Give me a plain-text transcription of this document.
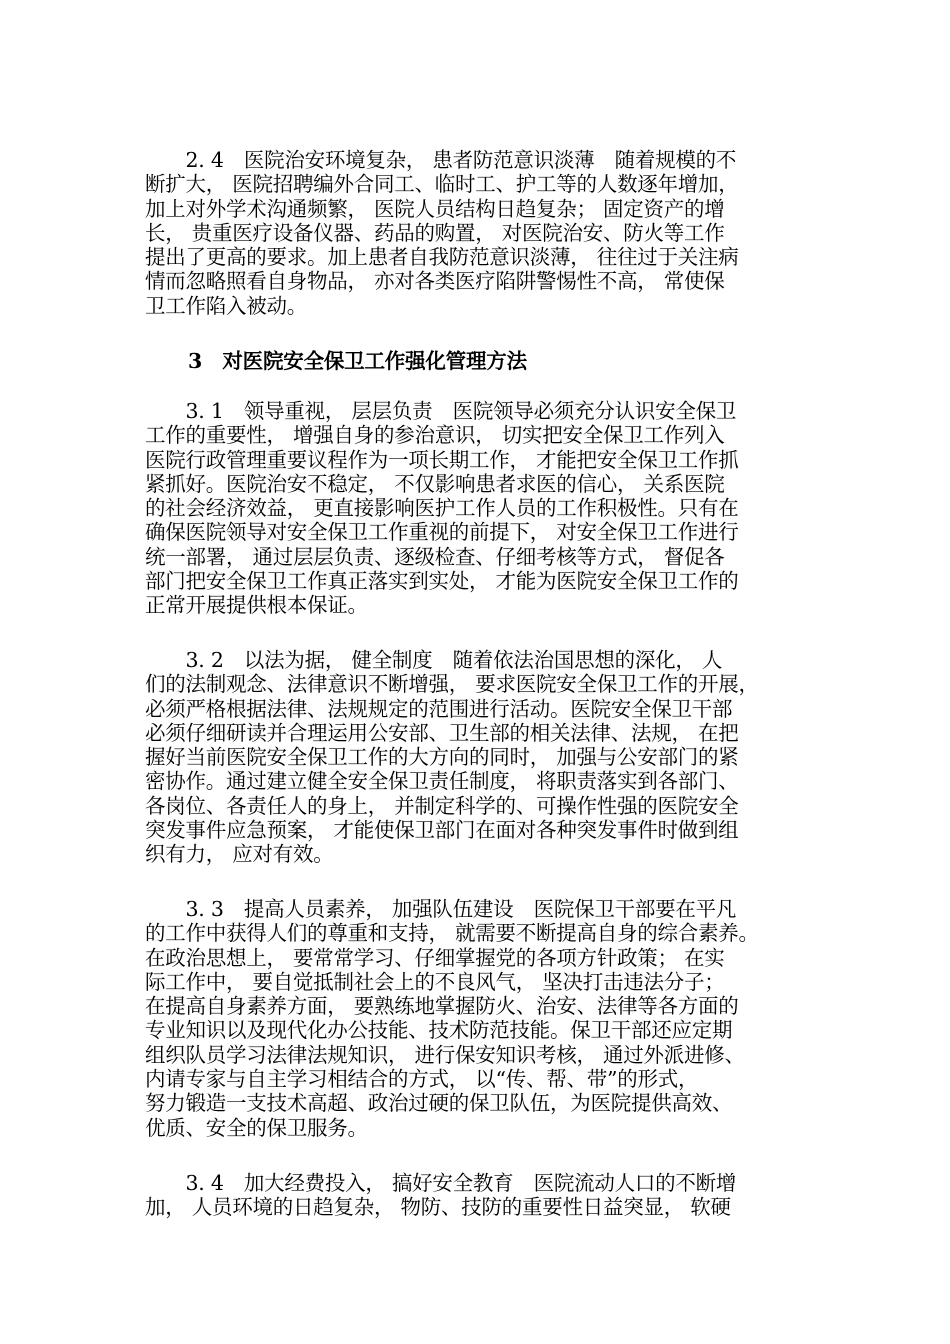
　　2. 4　医院治安环境复杂， 患者防范意识淡薄　随着规模的不
断扩大， 医院招聘编外合同工、临时工、护工等的人数逐年增加，
加上对外学术沟通频繁， 医院人员结构日趋复杂； 固定资产的增
长， 贵重医疗设备仪器、药品的购置， 对医院治安、防火等工作
提出了更高的要求。加上患者自我防范意识淡薄， 往往过于关注病
情而忽略照看自身物品， 亦对各类医疗陷阱警惕性不高， 常使保
卫工作陷入被动。
3　对医院安全保卫工作强化管理方法
　　3. 1　领导重视， 层层负责　医院领导必须充分认识安全保卫
工作的重要性， 增强自身的参治意识， 切实把安全保卫工作列入
医院行政管理重要议程作为一项长期工作， 才能把安全保卫工作抓
紧抓好。医院治安不稳定， 不仅影响患者求医的信心， 关系医院
的社会经济效益， 更直接影响医护工作人员的工作积极性。只有在
确保医院领导对安全保卫工作重视的前提下， 对安全保卫工作进行
统一部署， 通过层层负责、逐级检查、仔细考核等方式， 督促各
部门把安全保卫工作真正落实到实处， 才能为医院安全保卫工作的
正常开展提供根本保证。
　　3. 2　以法为据， 健全制度　随着依法治国思想的深化， 人
们的法制观念、法律意识不断增强， 要求医院安全保卫工作的开展，
必须严格根据法律、法规规定的范围进行活动。医院安全保卫干部
必须仔细研读并合理运用公安部、卫生部的相关法律、法规， 在把
握好当前医院安全保卫工作的大方向的同时， 加强与公安部门的紧
密协作。通过建立健全安全保卫责任制度， 将职责落实到各部门、
各岗位、各责任人的身上， 并制定科学的、可操作性强的医院安全
突发事件应急预案， 才能使保卫部门在面对各种突发事件时做到组
织有力， 应对有效。
　　3. 3　提高人员素养， 加强队伍建设　医院保卫干部要在平凡
的工作中获得人们的尊重和支持， 就需要不断提高自身的综合素养。
在政治思想上， 要常常学习、仔细掌握党的各项方针政策； 在实
际工作中， 要自觉抵制社会上的不良风气， 坚决打击违法分子；
在提高自身素养方面， 要熟练地掌握防火、治安、法律等各方面的
专业知识以及现代化办公技能、技术防范技能。保卫干部还应定期
组织队员学习法律法规知识， 进行保安知识考核， 通过外派进修、
内请专家与自主学习相结合的方式， 以“传、帮、带”的形式，
努力锻造一支技术高超、政治过硬的保卫队伍，为医院提供高效、
优质、安全的保卫服务。
　　3. 4　加大经费投入， 搞好安全教育　医院流动人口的不断增
加， 人员环境的日趋复杂， 物防、技防的重要性日益突显， 软硬
